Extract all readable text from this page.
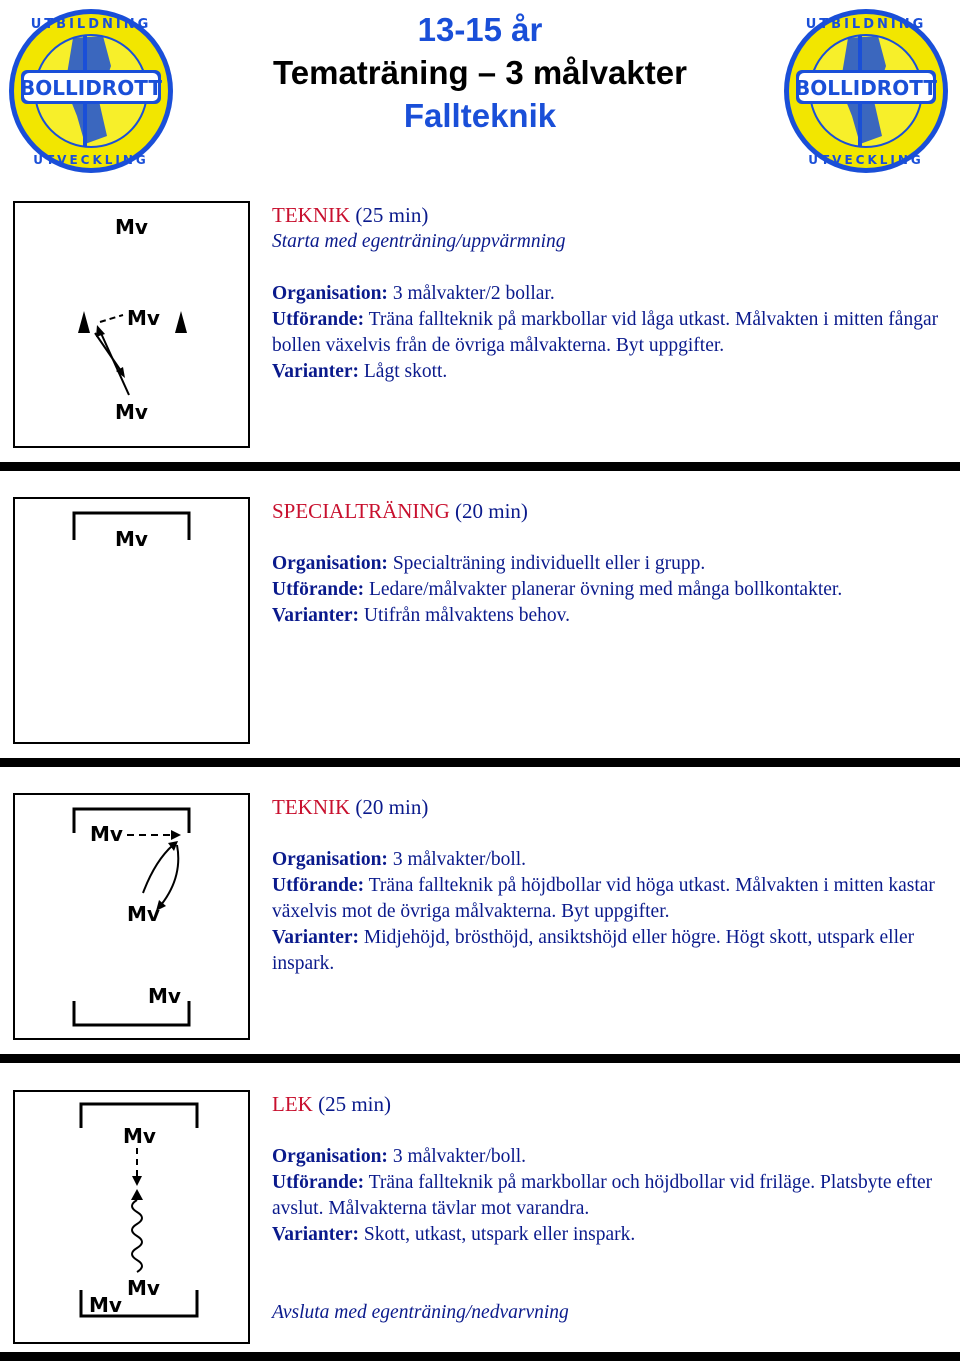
BOLLIDROTT
UTBILDNING
UTVECKLING
BOLLIDROTT
UTBILDNING
UTVECKLING
13-15 år
Tematräning – 3 målvakter
Fallteknik
Mv
Mv
Mv

TEKNIK (25 min)

Starta med egenträning/uppvärmning

Organisation: 3 målvakter/2 bollar.

Utförande: Träna fallteknik på markbollar vid låga utkast. Målvakten i mitten fångar bollen växelvis från de övriga målvakterna. Byt uppgifter.

Varianter: Lågt skott.

Mv

SPECIALTRÄNING (20 min)

Organisation: Specialträning individuellt eller i grupp.

Utförande: Ledare/målvakter planerar övning med många bollkontakter.

Varianter: Utifrån målvaktens behov.

Mv
Mv
Mv

TEKNIK (20 min)

Organisation: 3 målvakter/boll.

Utförande: Träna fallteknik på höjdbollar vid höga utkast. Målvakten i mitten kastar växelvis mot de övriga målvakterna. Byt uppgifter.

Varianter: Midjehöjd, brösthöjd, ansiktshöjd eller högre. Högt skott, utspark eller inspark.

Mv
Mv
Mv

LEK (25 min)

Organisation: 3 målvakter/boll.

Utförande: Träna fallteknik på markbollar och höjdbollar vid friläge. Platsbyte efter avslut. Målvakterna tävlar mot varandra.

Varianter: Skott, utkast, utspark eller inspark.

Avsluta med egenträning/nedvarvning
